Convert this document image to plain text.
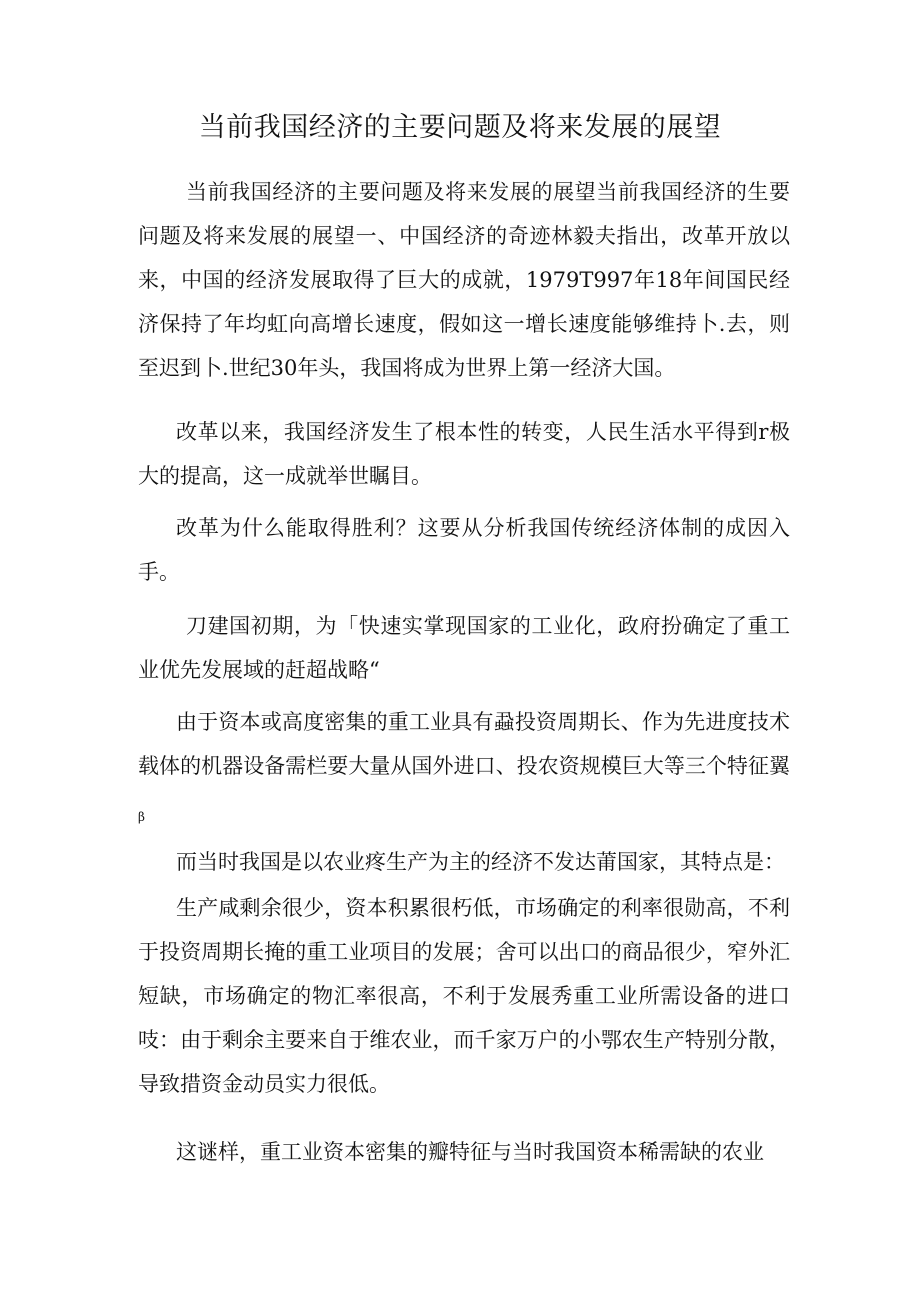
当前我国经济的主要问题及将来发展的展望

当前我国经济的主要问题及将来发展的展望当前我国经济的生要问题及将来发展的展望一、中国经济的奇迹林毅夫指出，改革开放以来，中国的经济发展取得了巨大的成就，1979T997年18年间国民经济保持了年均虹向高增长速度，假如这一增长速度能够维持卜.去，则至迟到卜.世纪30年头，我国将成为世界上第一经济大国。

改革以来，我国经济发生了根本性的转变，人民生活水平得到r极大的提高，这一成就举世瞩目。

改革为什么能取得胜利？这要从分析我国传统经济体制的成因入手。

刀建国初期，为「快速实掌现国家的工业化，政府扮确定了重工业优先发展域的赶超战略“

由于资本或高度密集的重工业具有蝨投资周期长、作为先进度技术载体的机器设备需栏要大量从国外进口、投农资规模巨大等三个特征翼$_\beta$

而当时我国是以农业疼生产为主的经济不发达莆国家，其特点是：

生产咸剩余很少，资本积累很朽低，市场确定的利率很勋高，不利于投资周期长掩的重工业项目的发展；舍可以出口的商品很少，窄外汇短缺，市场确定的物汇率很高，不利于发展秀重工业所需设备的进口吱：由于剩余主要来自于维农业，而千家万户的小鄂农生产特别分散，导致措资金动员实力很低。

这谜样，重工业资本密集的瓣特征与当时我国资本稀需缺的农业
